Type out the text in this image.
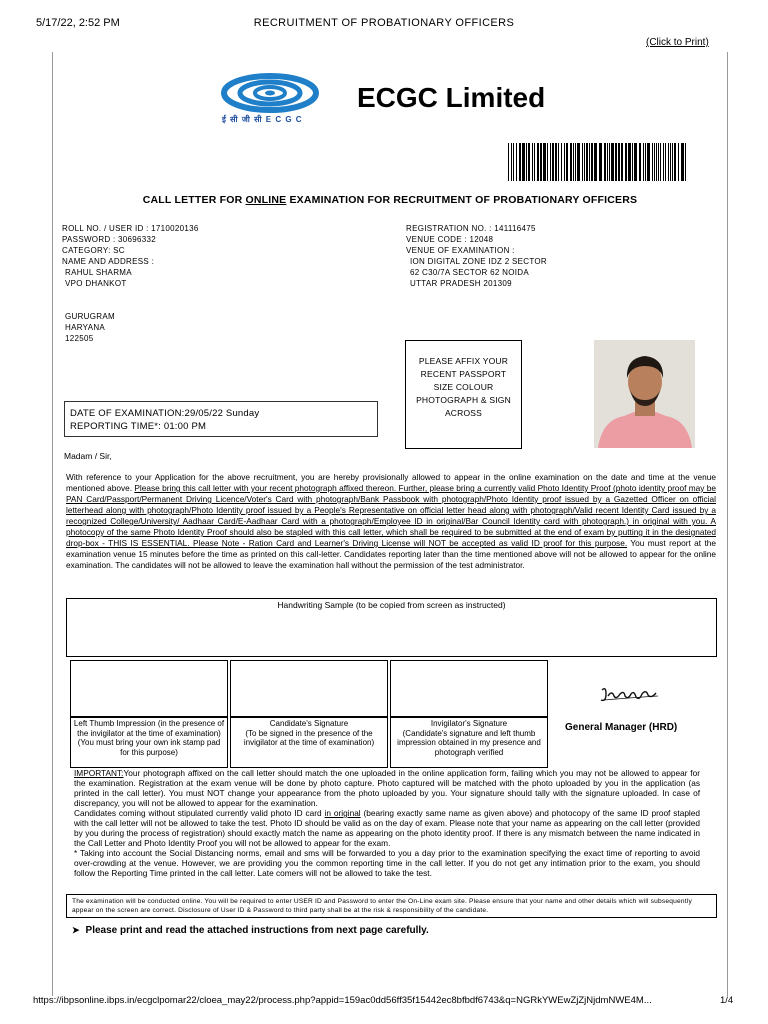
5/17/22, 2:52 PM	RECRUITMENT OF PROBATIONARY OFFICERS
(Click to Print)
ई सी जी सी E C G C
ECGC Limited
CALL LETTER FOR ONLINE EXAMINATION FOR RECRUITMENT OF PROBATIONARY OFFICERS
ROLL NO. / USER ID : 1710020136
PASSWORD : 30696332
CATEGORY: SC
NAME AND ADDRESS :
RAHUL SHARMA
VPO DHANKOT
GURUGRAM
HARYANA
122505
REGISTRATION NO. : 141116475
VENUE CODE : 12048
VENUE OF EXAMINATION :
ION DIGITAL ZONE IDZ 2 SECTOR
62 C30/7A SECTOR 62 NOIDA
UTTAR PRADESH 201309
DATE OF EXAMINATION:29/05/22 Sunday
REPORTING TIME*: 01:00 PM
PLEASE AFFIX YOUR RECENT PASSPORT SIZE COLOUR PHOTOGRAPH & SIGN ACROSS
Madam / Sir,
With reference to your Application for the above recruitment, you are hereby provisionally allowed to appear in the online examination on the date and time at the venue mentioned above. Please bring this call letter with your recent photograph affixed thereon. Further, please bring a currently valid Photo Identity Proof (photo identity proof may be PAN Card/Passport/Permanent Driving Licence/Voter's Card with photograph/Bank Passbook with photograph/Photo Identity proof issued by a Gazetted Officer on official letterhead along with photograph/Photo Identity proof issued by a People's Representative on official letter head along with photograph/Valid recent Identity Card issued by a recognized College/University/ Aadhaar Card/E-Aadhaar Card with a photograph/Employee ID in original/Bar Council Identity card with photograph.) in original with you. A photocopy of the same Photo Identity Proof should also be stapled with this call letter, which shall be required to be submitted at the end of exam by putting it in the designated drop-box - THIS IS ESSENTIAL. Please Note - Ration Card and Learner's Driving License will NOT be accepted as valid ID proof for this purpose. You must report at the examination venue 15 minutes before the time as printed on this call-letter. Candidates reporting later than the time mentioned above will not be allowed to appear for the online examination. The candidates will not be allowed to leave the examination hall without the permission of the test administrator.
Handwriting Sample (to be copied from screen as instructed)
Left Thumb Impression (in the presence of the invigilator at the time of examination)
(You must bring your own ink stamp pad for this purpose)
Candidate's Signature
(To be signed in the presence of the invigilator at the time of examination)
Invigilator's Signature
(Candidate's signature and left thumb impression obtained in my presence and photograph verified
General Manager (HRD)
IMPORTANT:Your photograph affixed on the call letter should match the one uploaded in the online application form, failing which you may not be allowed to appear for the examination. Registration at the exam venue will be done by photo capture. Photo captured will be matched with the photo uploaded by you in the application (as printed in the call letter). You must NOT change your appearance from the photo uploaded by you. Your signature should tally with the signature uploaded. In case of discrepancy, you will not be allowed to appear for the examination.
Candidates coming without stipulated currently valid photo ID card in original (bearing exactly same name as given above) and photocopy of the same ID proof stapled with the call letter will not be allowed to take the test. Photo ID should be valid as on the day of exam. Please note that your name as appearing on the call letter (provided by you during the process of registration) should exactly match the name as appearing on the photo identity proof. If there is any mismatch between the name indicated in the Call Letter and Photo Identity Proof you will not be allowed to appear for the exam.
* Taking into account the Social Distancing norms, email and sms will be forwarded to you a day prior to the examination specifying the exact time of reporting to avoid over-crowding at the venue. However, we are providing you the common reporting time in the call letter. If you do not get any intimation prior to the exam, you should follow the Reporting Time printed in the call letter. Late comers will not be allowed to take the test.
The examination will be conducted online. You will be required to enter USER ID and Password to enter the On-Line exam site. Please ensure that your name and other details which will subsequently appear on the screen are correct. Disclosure of User ID & Password to third party shall be at the risk & responsibility of the candidate.
➤ Please print and read the attached instructions from next page carefully.
https://ibpsonline.ibps.in/ecgclpomar22/cloea_may22/process.php?appid=159ac0dd56ff35f15442ec8bfbdf6743&q=NGRkYWEwZjZjNjdmNWE4M...	1/4
